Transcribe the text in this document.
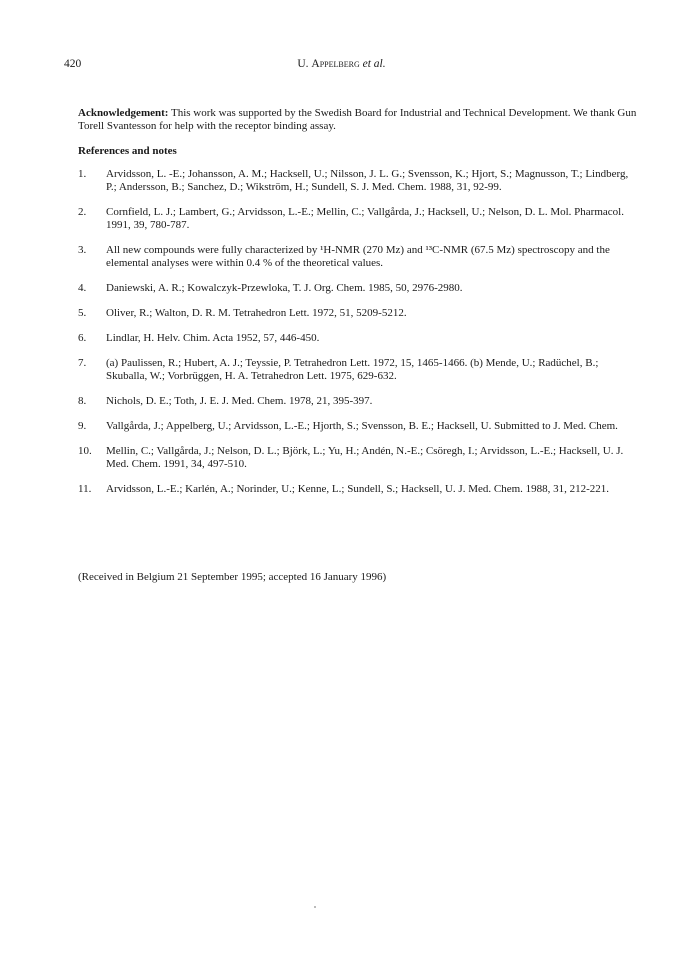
420	U. Appelberg et al.

Acknowledgement: This work was supported by the Swedish Board for Industrial and Technical Development. We thank Gun Torell Svantesson for help with the receptor binding assay.

References and notes
1.	Arvidsson, L. -E.; Johansson, A. M.; Hacksell, U.; Nilsson, J. L. G.; Svensson, K.; Hjort, S.; Magnusson, T.; Lindberg, P.; Andersson, B.; Sanchez, D.; Wikström, H.; Sundell, S. J. Med. Chem. 1988, 31, 92-99.
2.	Cornfield, L. J.; Lambert, G.; Arvidsson, L.-E.; Mellin, C.; Vallgårda, J.; Hacksell, U.; Nelson, D. L. Mol. Pharmacol. 1991, 39, 780-787.
3.	All new compounds were fully characterized by ¹H-NMR (270 Mz) and ¹³C-NMR (67.5 Mz) spectroscopy and the elemental analyses were within 0.4 % of the theoretical values.
4.	Daniewski, A. R.; Kowalczyk-Przewloka, T. J. Org. Chem. 1985, 50, 2976-2980.
5.	Oliver, R.; Walton, D. R. M. Tetrahedron Lett. 1972, 51, 5209-5212.
6.	Lindlar, H. Helv. Chim. Acta 1952, 57, 446-450.
7.	(a) Paulissen, R.; Hubert, A. J.; Teyssie, P. Tetrahedron Lett. 1972, 15, 1465-1466. (b) Mende, U.; Radüchel, B.; Skuballa, W.; Vorbrüggen, H. A. Tetrahedron Lett. 1975, 629-632.
8.	Nichols, D. E.; Toth, J. E. J. Med. Chem. 1978, 21, 395-397.
9.	Vallgårda, J.; Appelberg, U.; Arvidsson, L.-E.; Hjorth, S.; Svensson, B. E.; Hacksell, U. Submitted to J. Med. Chem.
10.	Mellin, C.; Vallgårda, J.; Nelson, D. L.; Björk, L.; Yu, H.; Andén, N.-E.; Csöregh, I.; Arvidsson, L.-E.; Hacksell, U. J. Med. Chem. 1991, 34, 497-510.
11.	Arvidsson, L.-E.; Karlén, A.; Norinder, U.; Kenne, L.; Sundell, S.; Hacksell, U. J. Med. Chem. 1988, 31, 212-221.
(Received in Belgium 21 September 1995; accepted 16 January 1996)
